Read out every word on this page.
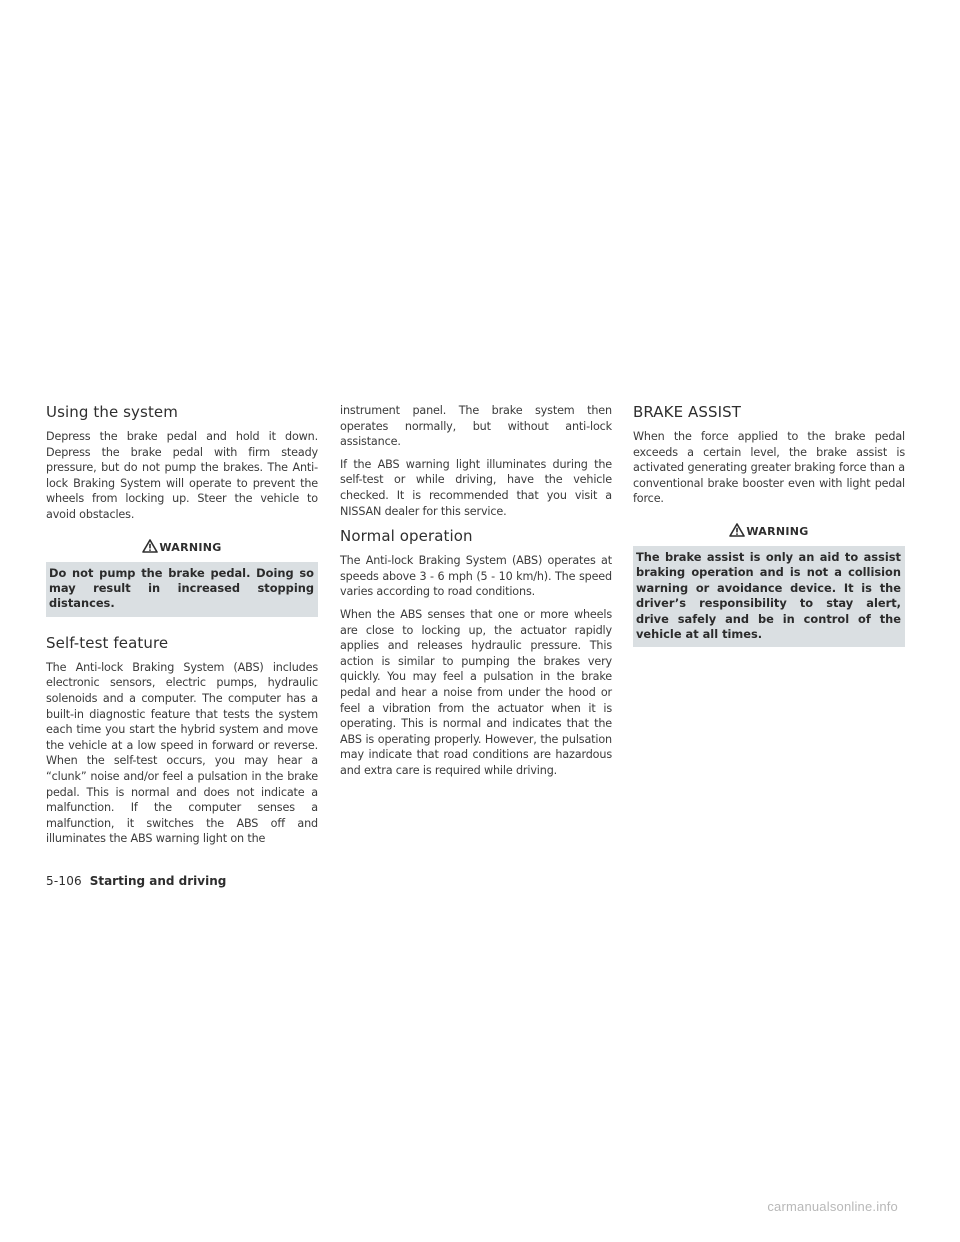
Using the system

Depress the brake pedal and hold it down. Depress the brake pedal with firm steady pressure, but do not pump the brakes. The Anti-lock Braking System will operate to prevent the wheels from locking up. Steer the vehicle to avoid obstacles.

WARNING
Do not pump the brake pedal. Doing so may result in increased stopping distances.
Self-test feature

The Anti-lock Braking System (ABS) includes electronic sensors, electric pumps, hydraulic solenoids and a computer. The computer has a built-in diagnostic feature that tests the system each time you start the hybrid system and move the vehicle at a low speed in forward or reverse. When the self-test occurs, you may hear a “clunk” noise and/or feel a pulsation in the brake pedal. This is normal and does not indicate a malfunction. If the computer senses a malfunction, it switches the ABS off and illuminates the ABS warning light on the

instrument panel. The brake system then operates normally, but without anti-lock assistance.

If the ABS warning light illuminates during the self-test or while driving, have the vehicle checked. It is recommended that you visit a NISSAN dealer for this service.

Normal operation

The Anti-lock Braking System (ABS) operates at speeds above 3 - 6 mph (5 - 10 km/h). The speed varies according to road conditions.

When the ABS senses that one or more wheels are close to locking up, the actuator rapidly applies and releases hydraulic pressure. This action is similar to pumping the brakes very quickly. You may feel a pulsation in the brake pedal and hear a noise from under the hood or feel a vibration from the actuator when it is operating. This is normal and indicates that the ABS is operating properly. However, the pulsation may indicate that road conditions are hazardous and extra care is required while driving.

BRAKE ASSIST

When the force applied to the brake pedal exceeds a certain level, the brake assist is activated generating greater braking force than a conventional brake booster even with light pedal force.

WARNING
The brake assist is only an aid to assist braking operation and is not a collision warning or avoidance device. It is the driver’s responsibility to stay alert, drive safely and be in control of the vehicle at all times.
5-106 Starting and driving
carmanualsonline.info
